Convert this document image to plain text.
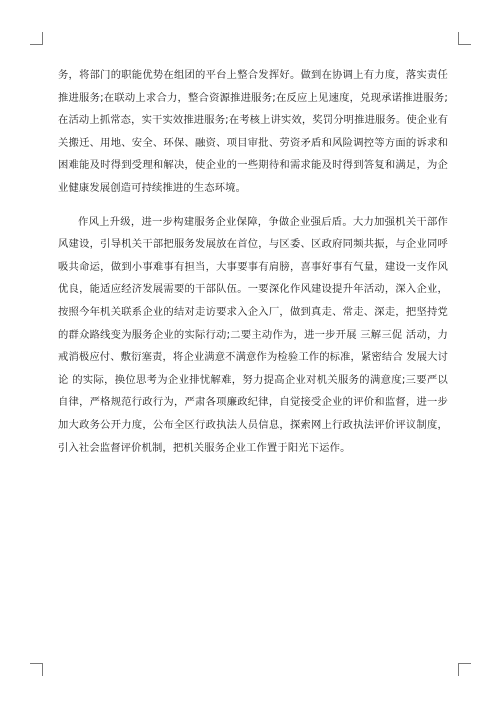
务，将部门的职能优势在组团的平台上整合发挥好。做到在协调上有力度，落实责任
推进服务;在联动上求合力，整合资源推进服务;在反应上见速度，兑现承诺推进服务;
在活动上抓常态，实干实效推进服务;在考核上讲实效，奖罚分明推进服务。使企业有
关搬迁、用地、安全、环保、融资、项目审批、劳资矛盾和风险调控等方面的诉求和
困难能及时得到受理和解决，使企业的一些期待和需求能及时得到答复和满足，为企
业健康发展创造可持续推进的生态环境。
作风上升级，进一步构建服务企业保障，争做企业强后盾。大力加强机关干部作
风建设，引导机关干部把服务发展放在首位，与区委、区政府同频共振，与企业同呼
吸共命运，做到小事难事有担当，大事要事有肩膀，喜事好事有气量，建设一支作风
优良，能适应经济发展需要的干部队伍。一要深化作风建设提升年活动，深入企业，
按照今年机关联系企业的结对走访要求入企入厂，做到真走、常走、深走，把坚持党
的群众路线变为服务企业的实际行动;二要主动作为，进一步开展 三解三促 活动，力
戒消极应付、敷衍塞责，将企业满意不满意作为检验工作的标准，紧密结合 发展大讨
论 的实际，换位思考为企业排忧解难，努力提高企业对机关服务的满意度;三要严以
自律，严格规范行政行为，严肃各项廉政纪律，自觉接受企业的评价和监督，进一步
加大政务公开力度，公布全区行政执法人员信息，探索网上行政执法评价评议制度，
引入社会监督评价机制，把机关服务企业工作置于阳光下运作。
